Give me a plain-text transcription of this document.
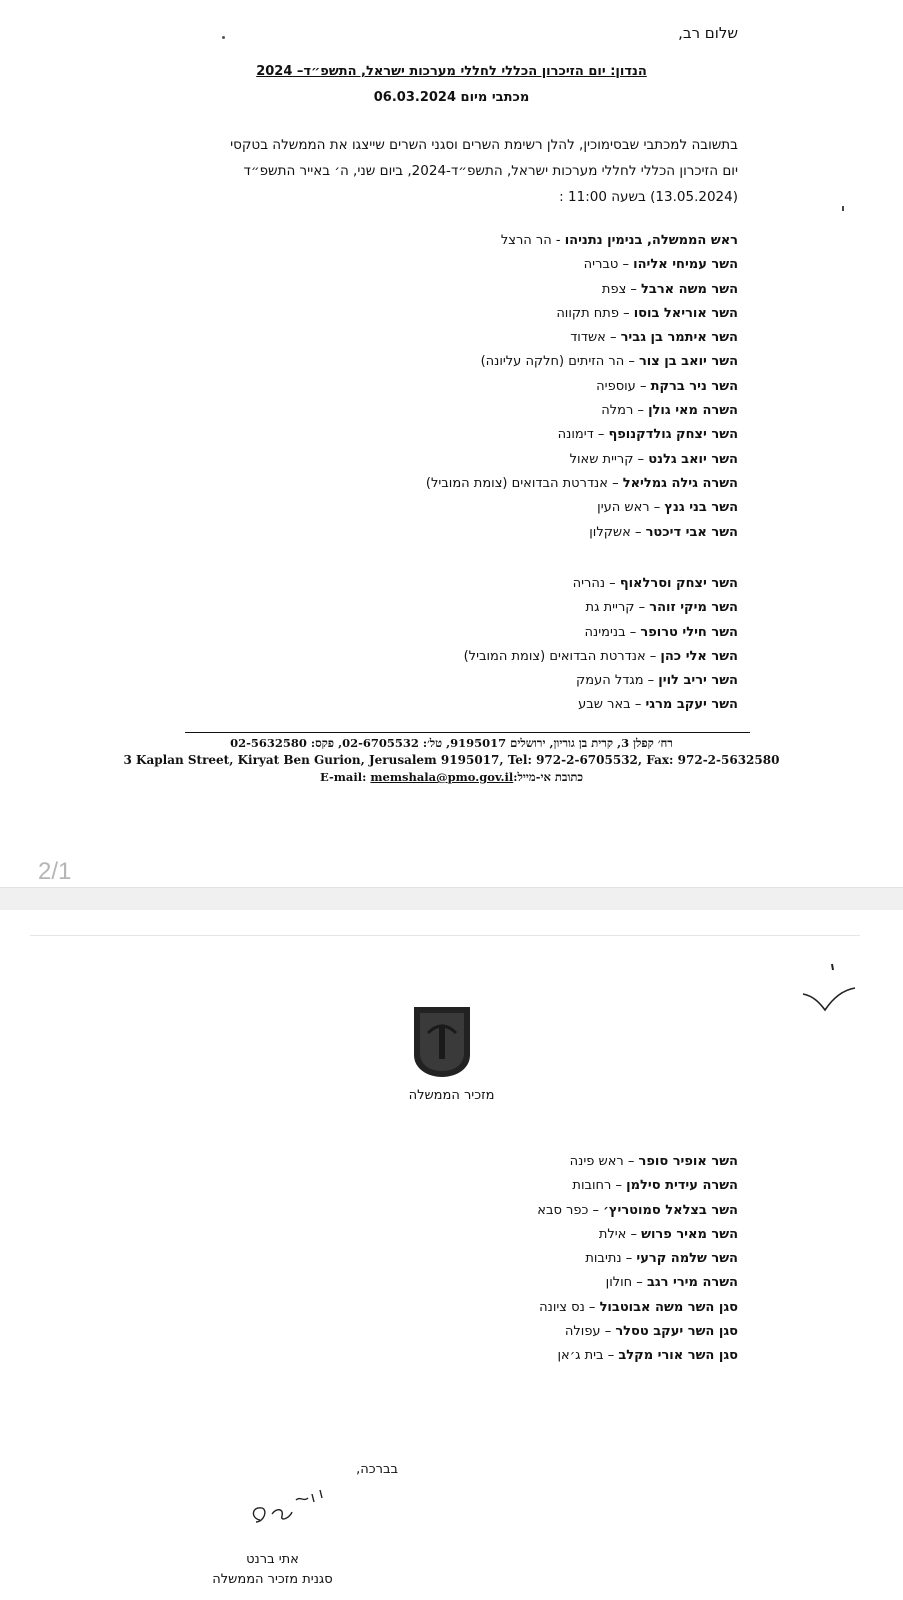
שלום רב,
הנדון: יום הזיכרון הכללי לחללי מערכות ישראל, התשפ״ד– 2024
מכתבי מיום 06.03.2024
בתשובה למכתבי שבסימוכין, להלן רשימת השרים וסגני השרים שייצגו את הממשלה בטקסי
יום הזיכרון הכללי לחללי מערכות ישראל, התשפ״ד-2024, ביום שני, ה׳ באייר התשפ״ד
(13.05.2024) בשעה 11:00 :
ראש הממשלה, בנימין נתניהו - הר הרצל
השר עמיחי אליהו – טבריה
השר משה ארבל – צפת
השר אוריאל בוסו – פתח תקווה
השר איתמר בן גביר – אשדוד
השר יואב בן צור – הר הזיתים (חלקה עליונה)
השר ניר ברקת – עוספיה
השרה מאי גולן – רמלה
השר יצחק גולדקנופף – דימונה
השר יואב גלנט – קריית שאול
השרה גילה גמליאל – אנדרטת הבדואים (צומת המוביל)
השר בני גנץ – ראש העין
השר אבי דיכטר – אשקלון
השר יצחק וסרלאוף – נהריה
השר מיקי זוהר – קריית גת
השר חילי טרופר – בנימינה
השר אלי כהן – אנדרטת הבדואים (צומת המוביל)
השר יריב לוין – מגדל העמק
השר יעקב מרגי – באר שבע
רח׳ קפלן 3, קרית בן גוריון, ירושלים 9195017, טל׳: 02-6705532, פקס: 02-5632580
3 Kaplan Street, Kiryat Ben Gurion, Jerusalem 9195017, Tel: 972-2-6705532, Fax: 972-2-5632580
E-mail: memshala@pmo.gov.ilכתובת אי-מייל:
2/1
מזכיר הממשלה
השר אופיר סופר – ראש פינה
השרה עידית סילמן – רחובות
השר בצלאל סמוטריץ׳ – כפר סבא
השר מאיר פרוש – אילת
השר שלמה קרעי – נתיבות
השרה מירי רגב – חולון
סגן השר משה אבוטבול – נס ציונה
סגן השר יעקב טסלר – עפולה
סגן השר אורי מקלב – בית ג׳אן
בברכה,
אתי ברנט
סגנית מזכיר הממשלה
